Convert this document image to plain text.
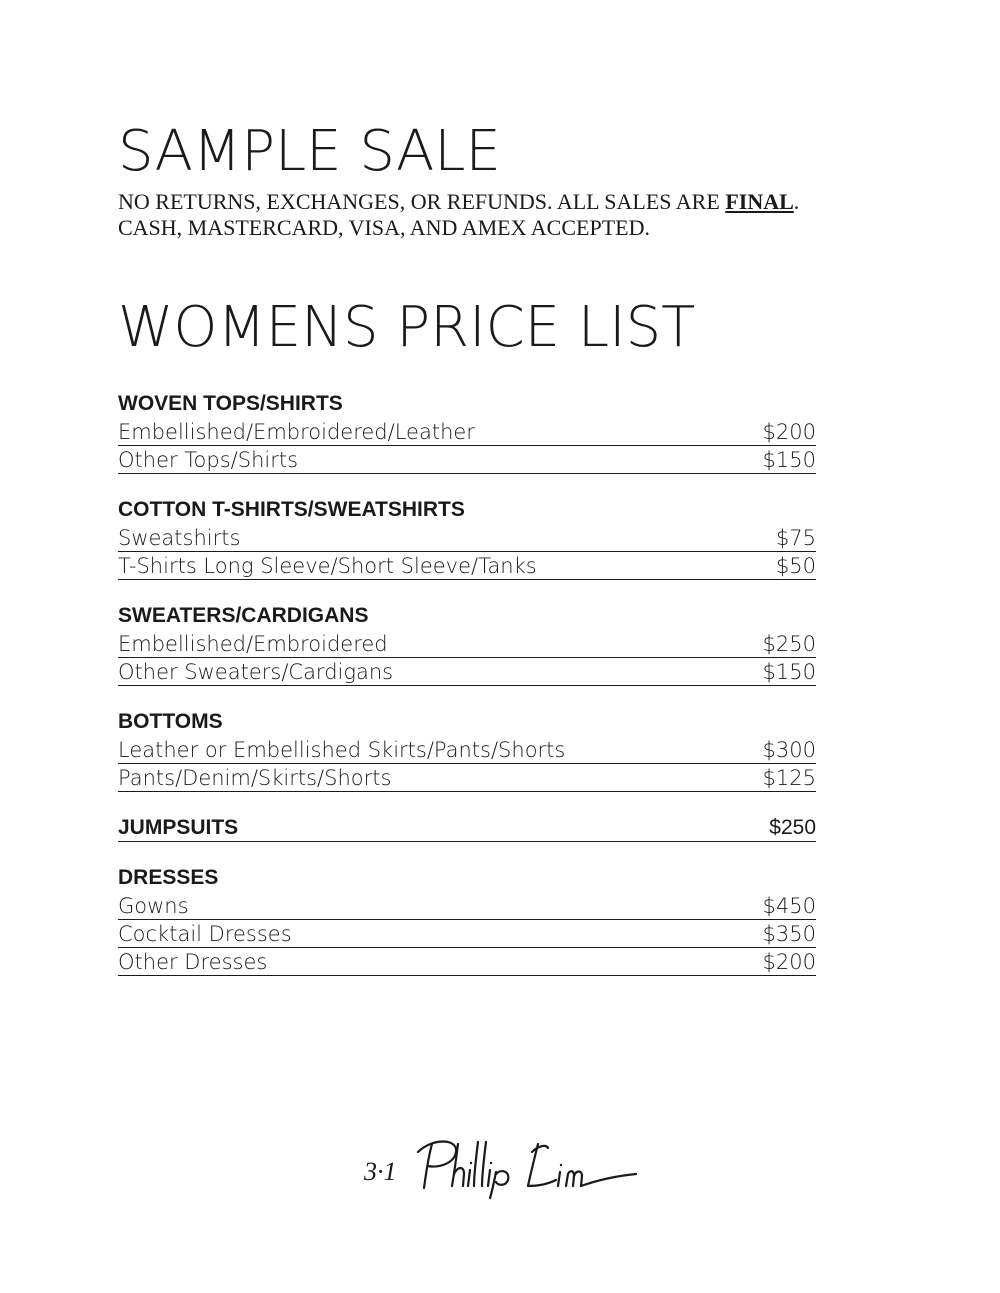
SAMPLE SALE
NO RETURNS, EXCHANGES, OR REFUNDS. ALL SALES ARE FINAL.
CASH, MASTERCARD, VISA, AND AMEX ACCEPTED.
WOMENS PRICE LIST
WOVEN TOPS/SHIRTS
Embellished/Embroidered/Leather	$200
Other Tops/Shirts	$150
COTTON T-SHIRTS/SWEATSHIRTS
Sweatshirts	$75
T-Shirts Long Sleeve/Short Sleeve/Tanks	$50
SWEATERS/CARDIGANS
Embellished/Embroidered	$250
Other Sweaters/Cardigans	$150
BOTTOMS
Leather or Embellished Skirts/Pants/Shorts	$300
Pants/Denim/Skirts/Shorts	$125
JUMPSUITS	$250
DRESSES
Gowns	$450
Cocktail Dresses	$350
Other Dresses	$200
3·1
